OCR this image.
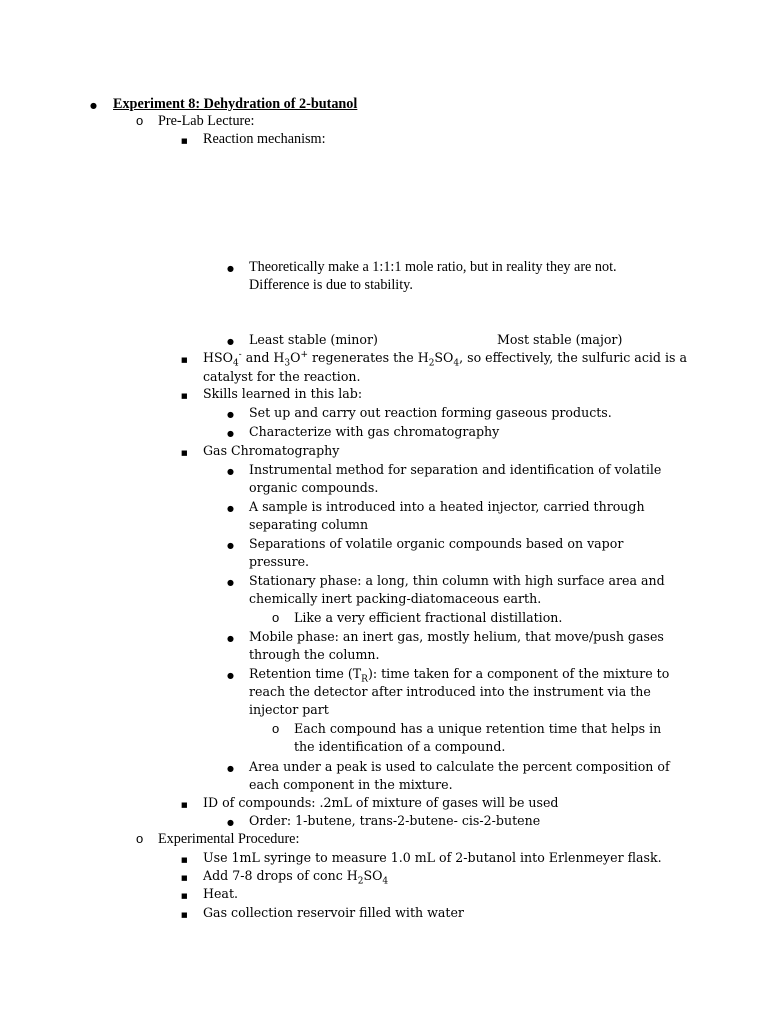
●
Experiment 8: Dehydration of 2-butanol
o
Pre-Lab Lecture:
■
Reaction mechanism:
●
Theoretically make a 1:1:1 mole ratio, but in reality they are not.
Difference is due to stability.
●
Least stable (minor)	Most stable (major)
■
$HSO_4^-$ and $H_3O^+$ regenerates the $H_2SO_4$, so effectively, the sulfuric acid is a
catalyst for the reaction.
■
Skills learned in this lab:
●
Set up and carry out reaction forming gaseous products.
●
Characterize with gas chromatography
■
Gas Chromatography
●
Instrumental method for separation and identification of volatile
organic compounds.
●
A sample is introduced into a heated injector, carried through
separating column
●
Separations of volatile organic compounds based on vapor
pressure.
●
Stationary phase: a long, thin column with high surface area and
chemically inert packing-diatomaceous earth.
o
Like a very efficient fractional distillation.
●
Mobile phase: an inert gas, mostly helium, that move/push gases
through the column.
●
Retention time $(T_R)$: time taken for a component of the mixture to
reach the detector after introduced into the instrument via the
injector part
o
Each compound has a unique retention time that helps in
the identification of a compound.
●
Area under a peak is used to calculate the percent composition of
each component in the mixture.
■
ID of compounds: .2mL of mixture of gases will be used
●
Order: 1-butene, trans-2-butene- cis-2-butene
o
Experimental Procedure:
■
Use 1mL syringe to measure 1.0 mL of 2-butanol into Erlenmeyer flask.
■
Add 7-8 drops of conc $H_2SO_4$
■
Heat.
■
Gas collection reservoir filled with water
